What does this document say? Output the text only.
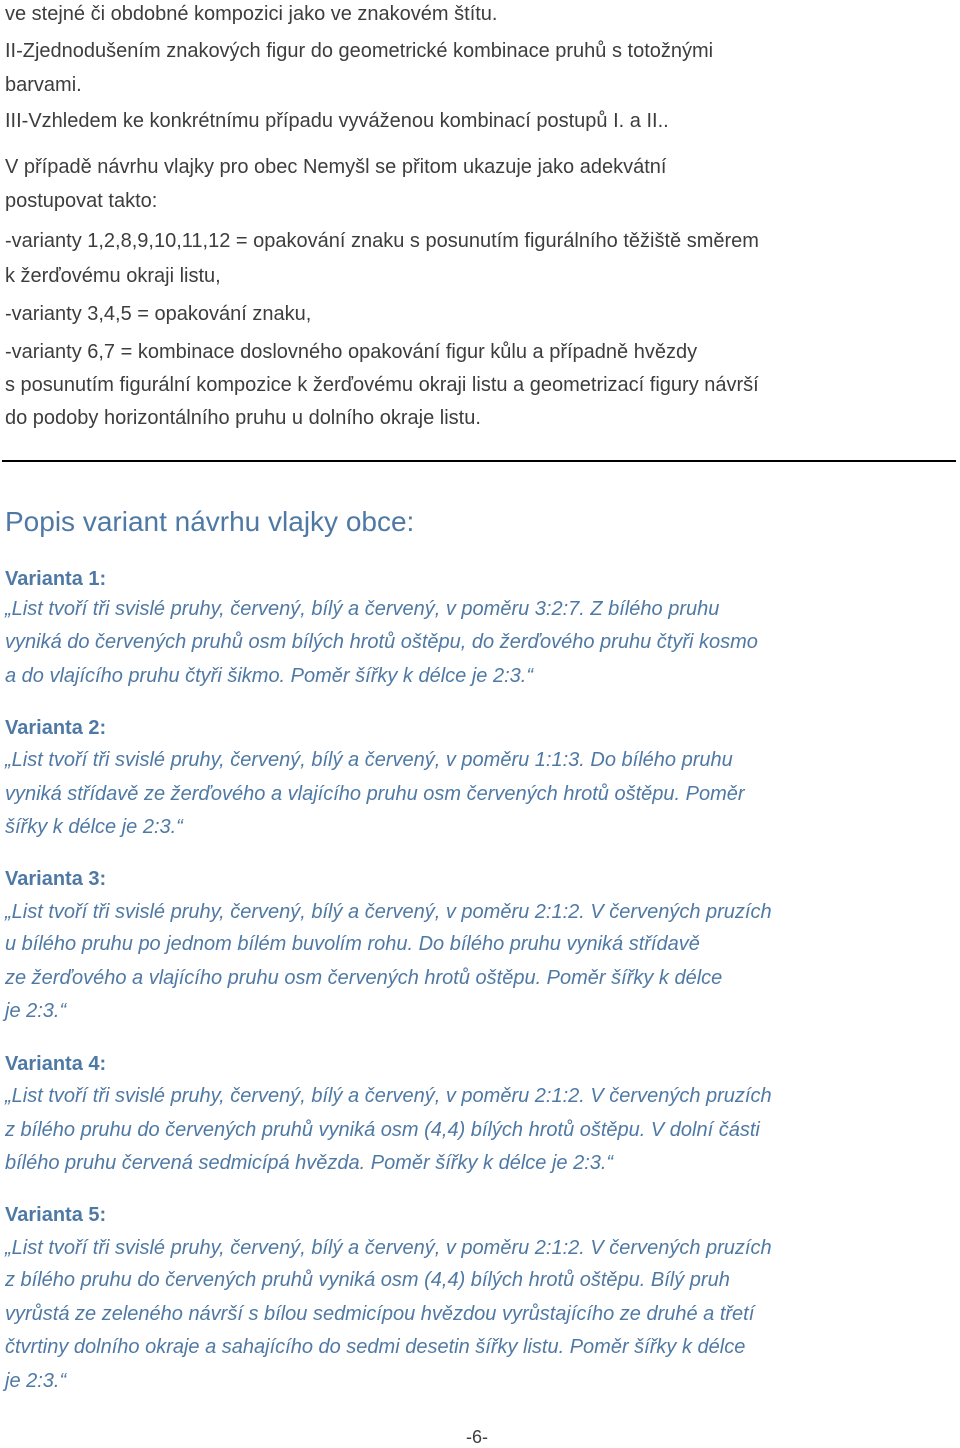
ve stejné či obdobné kompozici jako ve znakovém štítu.

II-Zjednodušením znakových figur do geometrické kombinace pruhů s totožnými

barvami.

III-Vzhledem ke konkrétnímu případu vyváženou kombinací postupů I. a II..

V případě návrhu vlajky pro obec Nemyšl se přitom ukazuje jako adekvátní

postupovat takto:

-varianty 1,2,8,9,10,11,12 = opakování znaku s posunutím figurálního těžiště směrem

k žerďovému okraji listu,

-varianty 3,4,5 = opakování znaku,

-varianty 6,7 = kombinace doslovného opakování figur kůlu a případně hvězdy

s posunutím figurální kompozice k žerďovému okraji listu a geometrizací figury návrší

do podoby horizontálního pruhu u dolního okraje listu.

Popis variant návrhu vlajky obce:

Varianta 1:

„List tvoří tři svislé pruhy, červený, bílý a červený, v poměru 3:2:7. Z bílého pruhu

vyniká do červených pruhů osm bílých hrotů oštěpu, do žerďového pruhu čtyři kosmo

a do vlajícího pruhu čtyři šikmo. Poměr šířky k délce je 2:3.“

Varianta 2:

„List tvoří tři svislé pruhy, červený, bílý a červený, v poměru 1:1:3. Do bílého pruhu

vyniká střídavě ze žerďového a vlajícího pruhu osm červených hrotů oštěpu. Poměr

šířky k délce je 2:3.“

Varianta 3:

„List tvoří tři svislé pruhy, červený, bílý a červený, v poměru 2:1:2. V červených pruzích

u bílého pruhu po jednom bílém buvolím rohu. Do bílého pruhu vyniká střídavě

ze žerďového a vlajícího pruhu osm červených hrotů oštěpu. Poměr šířky k délce

je 2:3.“

Varianta 4:

„List tvoří tři svislé pruhy, červený, bílý a červený, v poměru 2:1:2. V červených pruzích

z bílého pruhu do červených pruhů vyniká osm (4,4) bílých hrotů oštěpu. V dolní části

bílého pruhu červená sedmicípá hvězda. Poměr šířky k délce je 2:3.“

Varianta 5:

„List tvoří tři svislé pruhy, červený, bílý a červený, v poměru 2:1:2. V červených pruzích

z bílého pruhu do červených pruhů vyniká osm (4,4) bílých hrotů oštěpu. Bílý pruh

vyrůstá ze zeleného návrší s bílou sedmicípou hvězdou vyrůstajícího ze druhé a třetí

čtvrtiny dolního okraje a sahajícího do sedmi desetin šířky listu. Poměr šířky k délce

je 2:3.“

-6-
